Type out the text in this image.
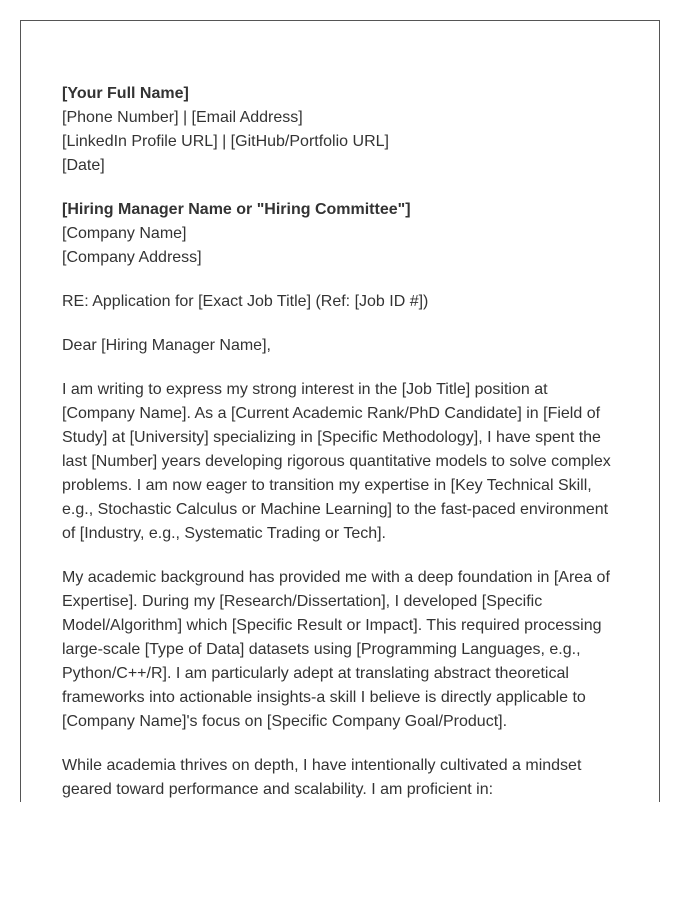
[Your Full Name]
[Phone Number] | [Email Address]
[LinkedIn Profile URL] | [GitHub/Portfolio URL]
[Date]
[Hiring Manager Name or "Hiring Committee"]
[Company Name]
[Company Address]

RE: Application for [Exact Job Title] (Ref: [Job ID #])

Dear [Hiring Manager Name],

I am writing to express my strong interest in the [Job Title] position at [Company Name]. As a [Current Academic Rank/PhD Candidate] in [Field of Study] at [University] specializing in [Specific Methodology], I have spent the last [Number] years developing rigorous quantitative models to solve complex problems. I am now eager to transition my expertise in [Key Technical Skill, e.g., Stochastic Calculus or Machine Learning] to the fast-paced environment of [Industry, e.g., Systematic Trading or Tech].

My academic background has provided me with a deep foundation in [Area of Expertise]. During my [Research/Dissertation], I developed [Specific Model/Algorithm] which [Specific Result or Impact]. This required processing large-scale [Type of Data] datasets using [Programming Languages, e.g., Python/C++/R]. I am particularly adept at translating abstract theoretical frameworks into actionable insights-a skill I believe is directly applicable to [Company Name]'s focus on [Specific Company Goal/Product].

While academia thrives on depth, I have intentionally cultivated a mindset geared toward performance and scalability. I am proficient in:
